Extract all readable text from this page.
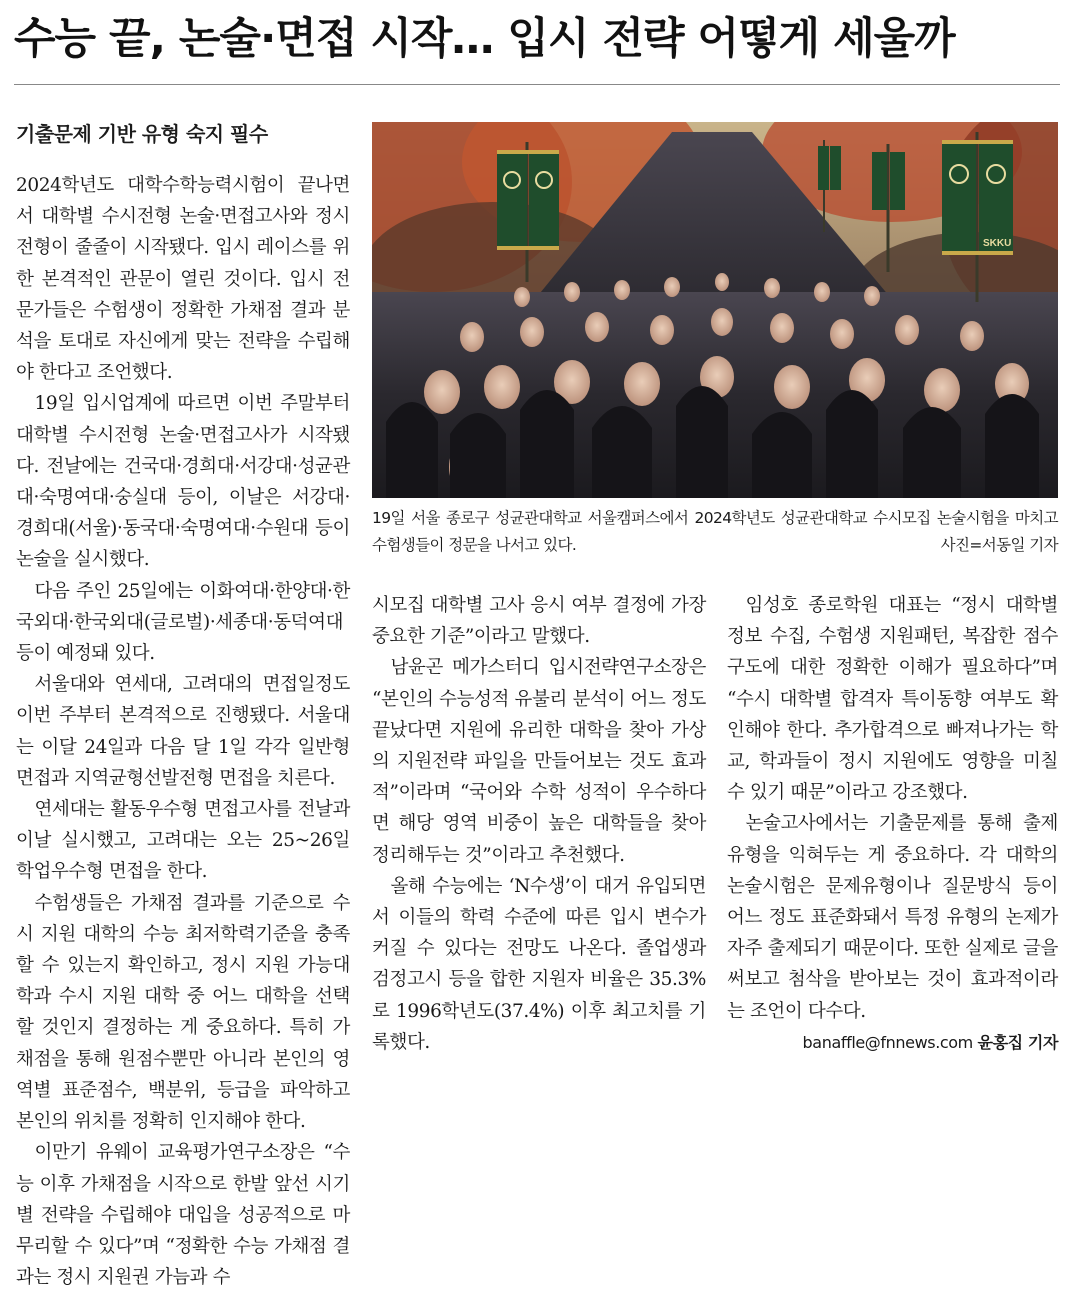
수능 끝, 논술·면접 시작… 입시 전략 어떻게 세울까
기출문제 기반 유형 숙지 필수

2024학년도 대학수학능력시험이 끝나면서 대학별 수시전형 논술·면접고사와 정시전형이 줄줄이 시작됐다. 입시 레이스를 위한 본격적인 관문이 열린 것이다. 입시 전문가들은 수험생이 정확한 가채점 결과 분석을 토대로 자신에게 맞는 전략을 수립해야 한다고 조언했다.

19일 입시업계에 따르면 이번 주말부터 대학별 수시전형 논술·면접고사가 시작됐다. 전날에는 건국대·경희대·서강대·성균관대·숙명여대·숭실대 등이, 이날은 서강대·경희대(서울)·동국대·숙명여대·수원대 등이 논술을 실시했다.

다음 주인 25일에는 이화여대·한양대·한국외대·한국외대(글로벌)·세종대·동덕여대 등이 예정돼 있다.

서울대와 연세대, 고려대의 면접일정도 이번 주부터 본격적으로 진행됐다. 서울대는 이달 24일과 다음 달 1일 각각 일반형 면접과 지역균형선발전형 면접을 치른다.

연세대는 활동우수형 면접고사를 전날과 이날 실시했고, 고려대는 오는 25~26일 학업우수형 면접을 한다.

수험생들은 가채점 결과를 기준으로 수시 지원 대학의 수능 최저학력기준을 충족할 수 있는지 확인하고, 정시 지원 가능대학과 수시 지원 대학 중 어느 대학을 선택할 것인지 결정하는 게 중요하다. 특히 가채점을 통해 원점수뿐만 아니라 본인의 영역별 표준점수, 백분위, 등급을 파악하고 본인의 위치를 정확히 인지해야 한다.

이만기 유웨이 교육평가연구소장은 “수능 이후 가채점을 시작으로 한발 앞선 시기별 전략을 수립해야 대입을 성공적으로 마무리할 수 있다”며 “정확한 수능 가채점 결과는 정시 지원권 가늠과 수

SKKU
19일 서울 종로구 성균관대학교 서울캠퍼스에서 2024학년도 성균관대학교 수시모집 논술시험을 마치고 수험생들이 정문을 나서고 있다.	사진=서동일 기자

시모집 대학별 고사 응시 여부 결정에 가장 중요한 기준”이라고 말했다.

남윤곤 메가스터디 입시전략연구소장은 “본인의 수능성적 유불리 분석이 어느 정도 끝났다면 지원에 유리한 대학을 찾아 가상의 지원전략 파일을 만들어보는 것도 효과적”이라며 “국어와 수학 성적이 우수하다면 해당 영역 비중이 높은 대학들을 찾아 정리해두는 것”이라고 추천했다.

올해 수능에는 ‘N수생’이 대거 유입되면서 이들의 학력 수준에 따른 입시 변수가 커질 수 있다는 전망도 나온다. 졸업생과 검정고시 등을 합한 지원자 비율은 35.3%로 1996학년도(37.4%) 이후 최고치를 기록했다.

임성호 종로학원 대표는 “정시 대학별 정보 수집, 수험생 지원패턴, 복잡한 점수 구도에 대한 정확한 이해가 필요하다”며 “수시 대학별 합격자 특이동향 여부도 확인해야 한다. 추가합격으로 빠져나가는 학교, 학과들이 정시 지원에도 영향을 미칠 수 있기 때문”이라고 강조했다.

논술고사에서는 기출문제를 통해 출제유형을 익혀두는 게 중요하다. 각 대학의 논술시험은 문제유형이나 질문방식 등이 어느 정도 표준화돼서 특정 유형의 논제가 자주 출제되기 때문이다. 또한 실제로 글을 써보고 첨삭을 받아보는 것이 효과적이라는 조언이 다수다.

banaffle@fnnews.com 윤홍집 기자
